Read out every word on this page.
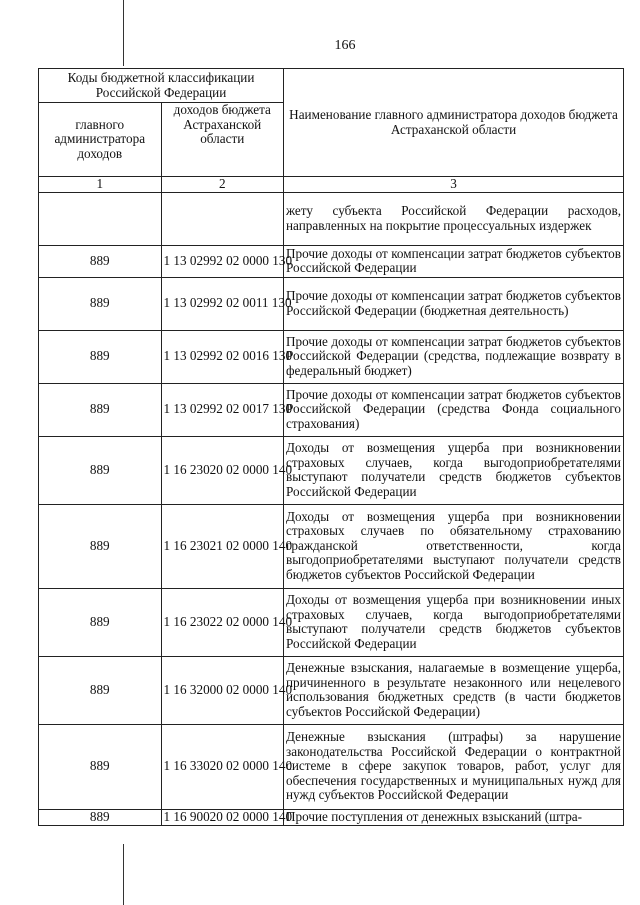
166
Коды бюджетной классификации Российской Федерации		Наименование главного администратора доходов бюджета Астраханской области
главного администратора доходов	доходов бюджета Астраханской области	
1	2	3
		жету субъекта Российской Федерации расходов, направленных на покрытие процессуальных издержек
889	1 13 02992 02 0000 130	Прочие доходы от компенсации затрат бюджетов субъектов Российской Федерации
889	1 13 02992 02 0011 130	Прочие доходы от компенсации затрат бюджетов субъектов Российской Федерации (бюджетная деятельность)
889	1 13 02992 02 0016 130	Прочие доходы от компенсации затрат бюджетов субъектов Российской Федерации (средства, подлежащие возврату в федеральный бюджет)
889	1 13 02992 02 0017 130	Прочие доходы от компенсации затрат бюджетов субъектов Российской Федерации (средства Фонда социального страхования)
889	1 16 23020 02 0000 140	Доходы от возмещения ущерба при возникновении страховых случаев, когда выгодоприобретателями выступают получатели средств бюджетов субъектов Российской Федерации
889	1 16 23021 02 0000 140	Доходы от возмещения ущерба при возникновении страховых случаев по обязательному страхованию гражданской ответственности, когда выгодоприобретателями выступают получатели средств бюджетов субъектов Российской Федерации
889	1 16 23022 02 0000 140	Доходы от возмещения ущерба при возникновении иных страховых случаев, когда выгодоприобретателями выступают получатели средств бюджетов субъектов Российской Федерации
889	1 16 32000 02 0000 140	Денежные взыскания, налагаемые в возмещение ущерба, причиненного в результате незаконного или нецелевого использования бюджетных средств (в части бюджетов субъектов Российской Федерации)
889	1 16 33020 02 0000 140	Денежные взыскания (штрафы) за нарушение законодательства Российской Федерации о контрактной системе в сфере закупок товаров, работ, услуг для обеспечения государственных и муниципальных нужд для нужд субъектов Российской Федерации
889	1 16 90020 02 0000 140	Прочие поступления от денежных взысканий (штра-
